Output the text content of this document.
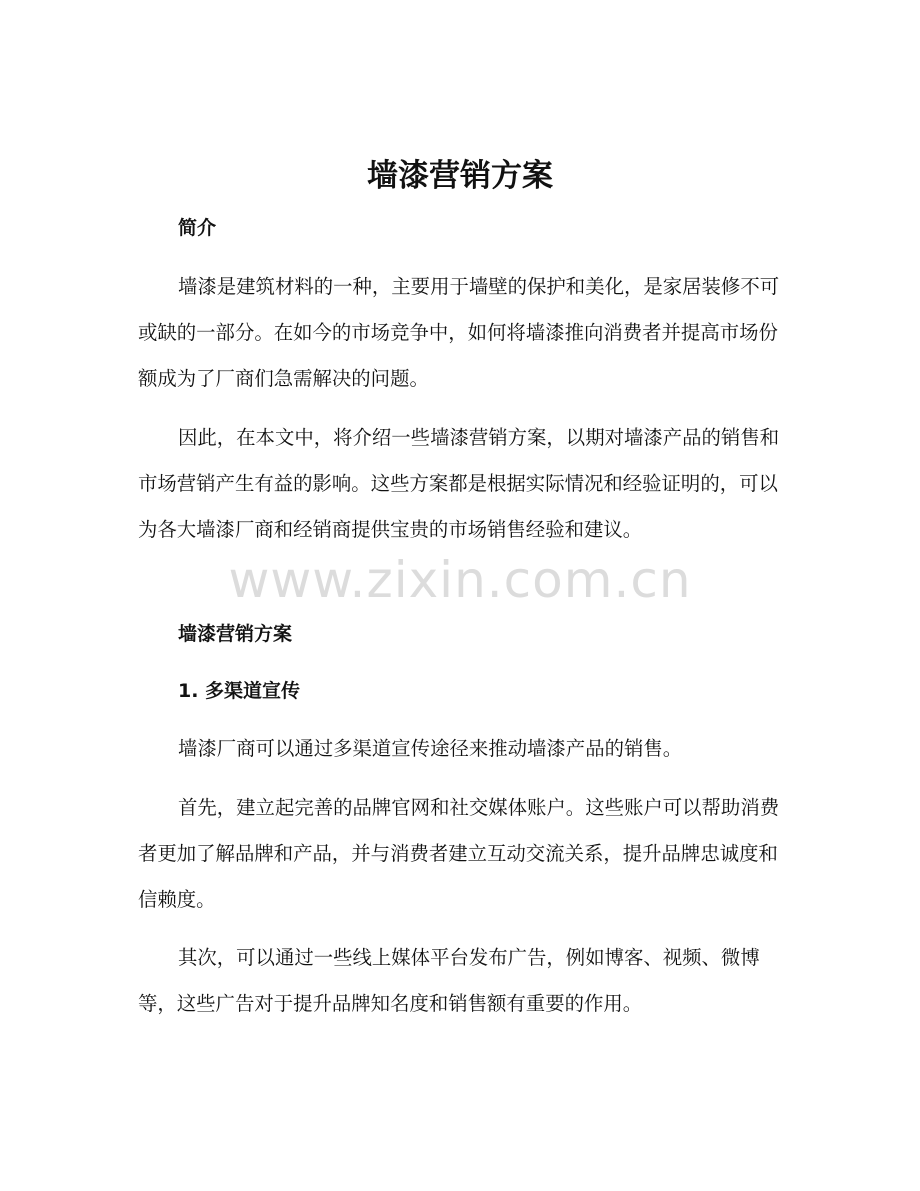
墙漆营销方案
简介

墙漆是建筑材料的一种，主要用于墙壁的保护和美化，是家居装修不可或缺的一部分。在如今的市场竞争中，如何将墙漆推向消费者并提高市场份额成为了厂商们急需解决的问题。

因此，在本文中，将介绍一些墙漆营销方案，以期对墙漆产品的销售和市场营销产生有益的影响。这些方案都是根据实际情况和经验证明的，可以为各大墙漆厂商和经销商提供宝贵的市场销售经验和建议。

www.zixin.com.cn
墙漆营销方案
1. 多渠道宣传

墙漆厂商可以通过多渠道宣传途径来推动墙漆产品的销售。

首先，建立起完善的品牌官网和社交媒体账户。这些账户可以帮助消费者更加了解品牌和产品，并与消费者建立互动交流关系，提升品牌忠诚度和信赖度。

其次，可以通过一些线上媒体平台发布广告，例如博客、视频、微博等，这些广告对于提升品牌知名度和销售额有重要的作用。
